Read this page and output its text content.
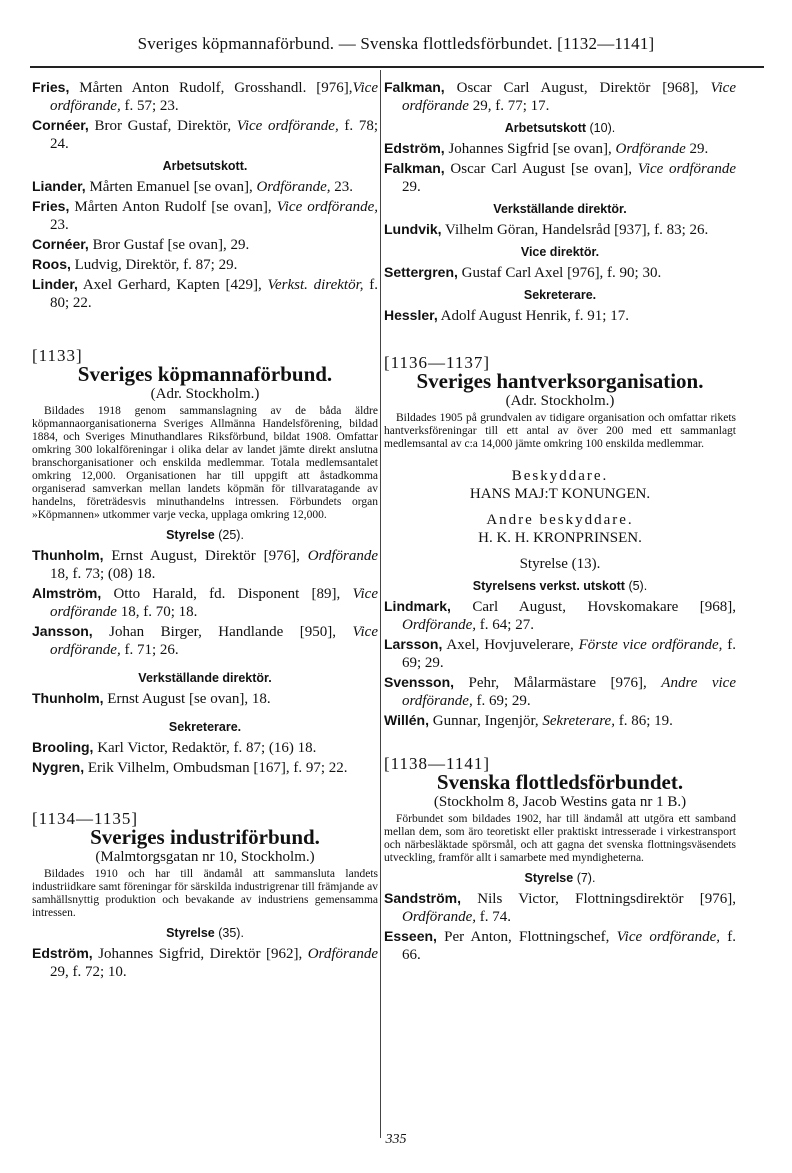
Sveriges köpmannaförbund. — Svenska flottledsförbundet. [1132—1141]
Fries, Mårten Anton Rudolf, Grosshandl. [976],Vice ordförande, f. 57; 23.
Cornéer, Bror Gustaf, Direktör, Vice ordförande, f. 78; 24.
Arbetsutskott.
Liander, Mårten Emanuel [se ovan], Ordförande, 23.
Fries, Mårten Anton Rudolf [se ovan], Vice ordförande, 23.
Cornéer, Bror Gustaf [se ovan], 29.
Roos, Ludvig, Direktör, f. 87; 29.
Linder, Axel Gerhard, Kapten [429], Verkst. direktör, f. 80; 22.
[1133]
Sveriges köpmannaförbund.
(Adr. Stockholm.)
Bildades 1918 genom sammanslagning av de båda äldre köpmannaorganisationerna Sveriges Allmänna Handelsförening, bildad 1884, och Sveriges Minuthandlares Riksförbund, bildat 1908. Omfattar omkring 300 lokalföreningar i olika delar av landet jämte direkt anslutna branschorganisationer och enskilda medlemmar. Totala medlemsantalet omkring 12,000. Organisationen har till uppgift att åstadkomma organiserad samverkan mellan landets köpmän för tillvaratagande av handelns, företrädesvis minuthandelns intressen. Förbundets organ »Köpmannen» utkommer varje vecka, upplaga omkring 12,000.
Styrelse (25).
Thunholm, Ernst August, Direktör [976], Ordförande 18, f. 73; (08) 18.
Almström, Otto Harald, fd. Disponent [89], Vice ordförande 18, f. 70; 18.
Jansson, Johan Birger, Handlande [950], Vice ordförande, f. 71; 26.
Verkställande direktör.
Thunholm, Ernst August [se ovan], 18.
Sekreterare.
Brooling, Karl Victor, Redaktör, f. 87; (16) 18.
Nygren, Erik Vilhelm, Ombudsman [167], f. 97; 22.
[1134—1135]
Sveriges industriförbund.
(Malmtorgsgatan nr 10, Stockholm.)
Bildades 1910 och har till ändamål att sammansluta landets industriidkare samt föreningar för särskilda industrigrenar till främjande av samhällsnyttig produktion och bevakande av industriens gemensamma intressen.
Styrelse (35).
Edström, Johannes Sigfrid, Direktör [962], Ordförande 29, f. 72; 10.
Falkman, Oscar Carl August, Direktör [968], Vice ordförande 29, f. 77; 17.
Arbetsutskott (10).
Edström, Johannes Sigfrid [se ovan], Ordförande 29.
Falkman, Oscar Carl August [se ovan], Vice ordförande 29.
Verkställande direktör.
Lundvik, Vilhelm Göran, Handelsråd [937], f. 83; 26.
Vice direktör.
Settergren, Gustaf Carl Axel [976], f. 90; 30.
Sekreterare.
Hessler, Adolf August Henrik, f. 91; 17.
[1136—1137]
Sveriges hantverksorganisation.
(Adr. Stockholm.)
Bildades 1905 på grundvalen av tidigare organisation och omfattar rikets hantverksföreningar till ett antal av över 200 med ett sammanlagt medlemsantal av c:a 14,000 jämte omkring 100 enskilda medlemmar.

Beskyddare.

HANS MAJ:T KONUNGEN.

Andre beskyddare.

H. K. H. KRONPRINSEN.

Styrelse (13).

Styrelsens verkst. utskott (5).
Lindmark, Carl August, Hovskomakare [968], Ordförande, f. 64; 27.
Larsson, Axel, Hovjuvelerare, Förste vice ordförande, f. 69; 29.
Svensson, Pehr, Målarmästare [976], Andre vice ordförande, f. 69; 29.
Willén, Gunnar, Ingenjör, Sekreterare, f. 86; 19.
[1138—1141]
Svenska flottledsförbundet.
(Stockholm 8, Jacob Westins gata nr 1 B.)
Förbundet som bildades 1902, har till ändamål att utgöra ett samband mellan dem, som äro teoretiskt eller praktiskt intresserade i virkestransport och närbesläktade spörsmål, och att gagna det svenska flottningsväsendets utveckling, framför allt i samarbete med myndigheterna.
Styrelse (7).
Sandström, Nils Victor, Flottningsdirektör [976], Ordförande, f. 74.
Esseen, Per Anton, Flottningschef, Vice ordförande, f. 66.
335
